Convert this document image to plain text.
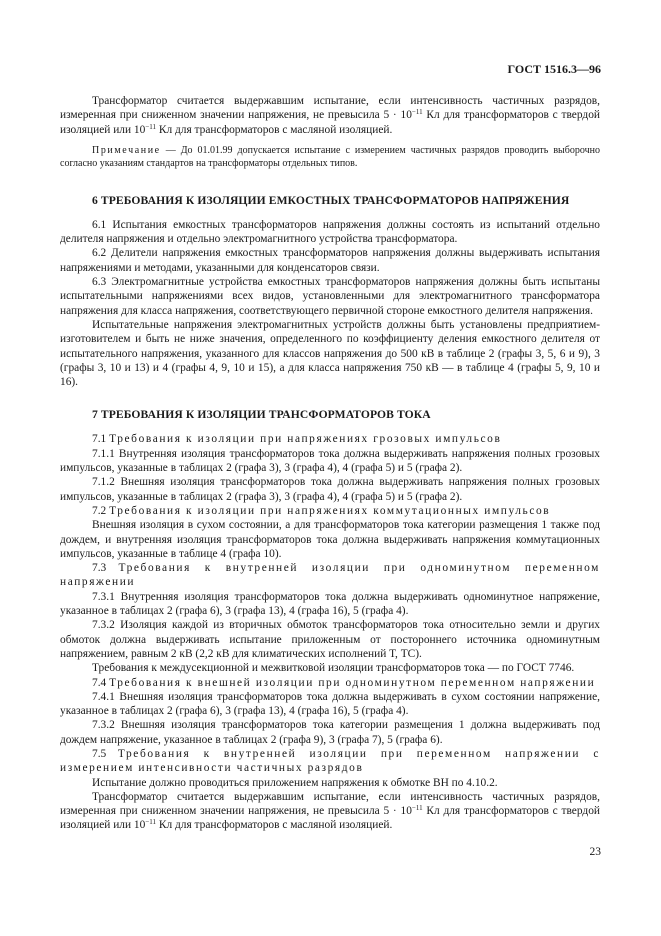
ГОСТ 1516.3—96

Трансформатор считается выдержавшим испытание, если интенсивность частичных разрядов, измеренная при сниженном значении напряжения, не превысила $5 \cdot 10^{-11}$ Кл для трансформаторов с твердой изоляцией или $10^{-11}$ Кл для трансформаторов с масляной изоляцией.

Примечание — До 01.01.99 допускается испытание с измерением частичных разрядов проводить выборочно согласно указаниям стандартов на трансформаторы отдельных типов.

6 ТРЕБОВАНИЯ К ИЗОЛЯЦИИ ЕМКОСТНЫХ ТРАНСФОРМАТОРОВ НАПРЯЖЕНИЯ

6.1 Испытания емкостных трансформаторов напряжения должны состоять из испытаний отдельно делителя напряжения и отдельно электромагнитного устройства трансформатора.

6.2 Делители напряжения емкостных трансформаторов напряжения должны выдерживать испытания напряжениями и методами, указанными для конденсаторов связи.

6.3 Электромагнитные устройства емкостных трансформаторов напряжения должны быть испытаны испытательными напряжениями всех видов, установленными для электромагнитного трансформатора напряжения для класса напряжения, соответствующего первичной стороне емкостного делителя напряжения.

Испытательные напряжения электромагнитных устройств должны быть установлены предприятием-изготовителем и быть не ниже значения, определенного по коэффициенту деления емкостного делителя от испытательного напряжения, указанного для классов напряжения до 500 кВ в таблице 2 (графы 3, 5, 6 и 9), 3 (графы 3, 10 и 13) и 4 (графы 4, 9, 10 и 15), а для класса напряжения 750 кВ — в таблице 4 (графы 5, 9, 10 и 16).

7 ТРЕБОВАНИЯ К ИЗОЛЯЦИИ ТРАНСФОРМАТОРОВ ТОКА

7.1 Требования к изоляции при напряжениях грозовых импульсов

7.1.1 Внутренняя изоляция трансформаторов тока должна выдерживать напряжения полных грозовых импульсов, указанные в таблицах 2 (графа 3), 3 (графа 4), 4 (графа 5) и 5 (графа 2).

7.1.2 Внешняя изоляция трансформаторов тока должна выдерживать напряжения полных грозовых импульсов, указанные в таблицах 2 (графа 3), 3 (графа 4), 4 (графа 5) и 5 (графа 2).

7.2 Требования к изоляции при напряжениях коммутационных импульсов

Внешняя изоляция в сухом состоянии, а для трансформаторов тока категории размещения 1 также под дождем, и внутренняя изоляция трансформаторов тока должна выдерживать напряжения коммутационных импульсов, указанные в таблице 4 (графа 10).

7.3 Требования к внутренней изоляции при одноминутном переменном напряжении

7.3.1 Внутренняя изоляция трансформаторов тока должна выдерживать одноминутное напряжение, указанное в таблицах 2 (графа 6), 3 (графа 13), 4 (графа 16), 5 (графа 4).

7.3.2 Изоляция каждой из вторичных обмоток трансформаторов тока относительно земли и других обмоток должна выдерживать испытание приложенным от постороннего источника одноминутным напряжением, равным 2 кВ (2,2 кВ для климатических исполнений Т, ТС).

Требования к междусекционной и межвитковой изоляции трансформаторов тока — по ГОСТ 7746.

7.4 Требования к внешней изоляции при одноминутном переменном напряжении

7.4.1 Внешняя изоляция трансформаторов тока должна выдерживать в сухом состоянии напряжение, указанное в таблицах 2 (графа 6), 3 (графа 13), 4 (графа 16), 5 (графа 4).

7.3.2 Внешняя изоляция трансформаторов тока категории размещения 1 должна выдерживать под дождем напряжение, указанное в таблицах 2 (графа 9), 3 (графа 7), 5 (графа 6).

7.5 Требования к внутренней изоляции при переменном напряжении с измерением интенсивности частичных разрядов

Испытание должно проводиться приложением напряжения к обмотке ВН по 4.10.2.

Трансформатор считается выдержавшим испытание, если интенсивность частичных разрядов, измеренная при сниженном значении напряжения, не превысила $5 \cdot 10^{-11}$ Кл для трансформаторов с твердой изоляцией или $10^{-11}$ Кл для трансформаторов с масляной изоляцией.

23
